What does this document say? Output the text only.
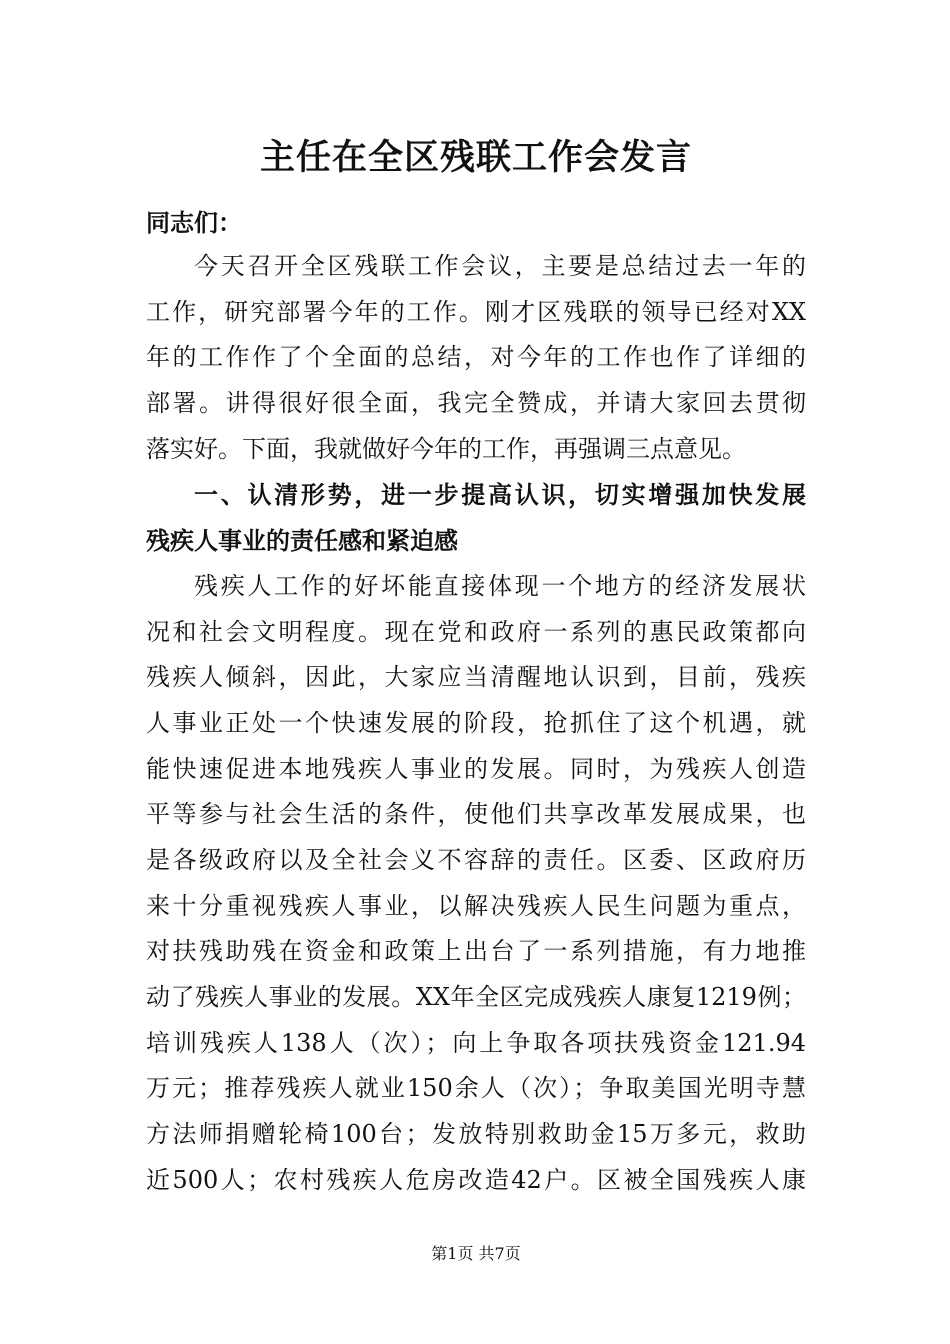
主任在全区残联工作会发言
同志们：
今天召开全区残联工作会议，主要是总结过去一年的
工作，研究部署今年的工作。刚才区残联的领导已经对XX
年的工作作了个全面的总结，对今年的工作也作了详细的
部署。讲得很好很全面，我完全赞成，并请大家回去贯彻
落实好。下面，我就做好今年的工作，再强调三点意见。
一、认清形势，进一步提高认识，切实增强加快发展
残疾人事业的责任感和紧迫感
残疾人工作的好坏能直接体现一个地方的经济发展状
况和社会文明程度。现在党和政府一系列的惠民政策都向
残疾人倾斜，因此，大家应当清醒地认识到，目前，残疾
人事业正处一个快速发展的阶段，抢抓住了这个机遇，就
能快速促进本地残疾人事业的发展。同时，为残疾人创造
平等参与社会生活的条件，使他们共享改革发展成果，也
是各级政府以及全社会义不容辞的责任。区委、区政府历
来十分重视残疾人事业，以解决残疾人民生问题为重点，
对扶残助残在资金和政策上出台了一系列措施，有力地推
动了残疾人事业的发展。XX年全区完成残疾人康复1219例；
培训残疾人138人（次）；向上争取各项扶残资金121.94
万元；推荐残疾人就业150余人（次）；争取美国光明寺慧
方法师捐赠轮椅100台；发放特别救助金15万多元，救助
近500人；农村残疾人危房改造42户。区被全国残疾人康
第1页 共7页
